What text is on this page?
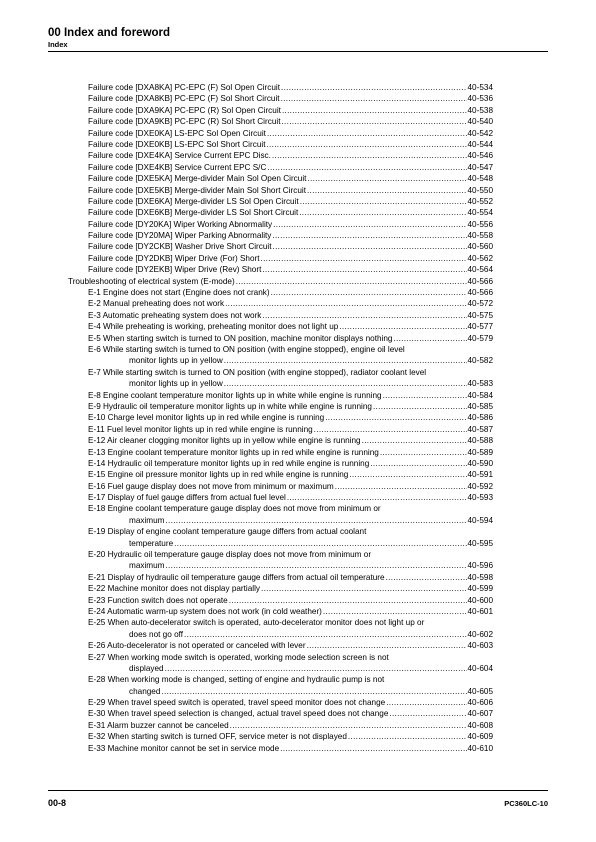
00 Index and foreword
Index
Failure code [DXA8KA] PC-EPC (F) Sol Open Circuit .....	40-534
Failure code [DXA8KB] PC-EPC (F) Sol Short Circuit .....	40-536
Failure code [DXA9KA] PC-EPC (R) Sol Open Circuit .....	40-538
Failure code [DXA9KB] PC-EPC (R) Sol Short Circuit .....	40-540
Failure code [DXE0KA] LS-EPC Sol Open Circuit .....	40-542
Failure code [DXE0KB] LS-EPC Sol Short Circuit .....	40-544
Failure code [DXE4KA] Service Current EPC Disc. .....	40-546
Failure code [DXE4KB] Service Current EPC S/C .....	40-547
Failure code [DXE5KA] Merge-divider Main Sol Open Circuit .....	40-548
Failure code [DXE5KB] Merge-divider Main Sol Short Circuit .....	40-550
Failure code [DXE6KA] Merge-divider LS Sol Open Circuit .....	40-552
Failure code [DXE6KB] Merge-divider LS Sol Short Circuit .....	40-554
Failure code [DY20KA] Wiper Working Abnormality .....	40-556
Failure code [DY20MA] Wiper Parking Abnormality .....	40-558
Failure code [DY2CKB] Washer Drive Short Circuit .....	40-560
Failure code [DY2DKB] Wiper Drive (For) Short .....	40-562
Failure code [DY2EKB] Wiper Drive (Rev) Short .....	40-564
Troubleshooting of electrical system (E-mode) .....	40-566
E-1 Engine does not start (Engine does not crank) .....	40-566
E-2 Manual preheating does not work .....	40-572
E-3 Automatic preheating system does not work .....	40-575
E-4 While preheating is working, preheating monitor does not light up .....	40-577
E-5 When starting switch is turned to ON position, machine monitor displays nothing .....	40-579
E-6 While starting switch is turned to ON position (with engine stopped), engine oil level
monitor lights up in yellow .....	40-582
E-7 While starting switch is turned to ON position (with engine stopped), radiator coolant level
monitor lights up in yellow .....	40-583
E-8 Engine coolant temperature monitor lights up in white while engine is running .....	40-584
E-9 Hydraulic oil temperature monitor lights up in white while engine is running .....	40-585
E-10 Charge level monitor lights up in red while engine is running .....	40-586
E-11 Fuel level monitor lights up in red while engine is running .....	40-587
E-12 Air cleaner clogging monitor lights up in yellow while engine is running .....	40-588
E-13 Engine coolant temperature monitor lights up in red while engine is running .....	40-589
E-14 Hydraulic oil temperature monitor lights up in red while engine is running .....	40-590
E-15 Engine oil pressure monitor lights up in red while engine is running .....	40-591
E-16 Fuel gauge display does not move from minimum or maximum .....	40-592
E-17 Display of fuel gauge differs from actual fuel level .....	40-593
E-18 Engine coolant temperature gauge display does not move from minimum or
maximum .....	40-594
E-19 Display of engine coolant temperature gauge differs from actual coolant
temperature .....	40-595
E-20 Hydraulic oil temperature gauge display does not move from minimum or
maximum .....	40-596
E-21 Display of hydraulic oil temperature gauge differs from actual oil temperature .....	40-598
E-22 Machine monitor does not display partially .....	40-599
E-23 Function switch does not operate .....	40-600
E-24 Automatic warm-up system does not work (in cold weather) .....	40-601
E-25 When auto-decelerator switch is operated, auto-decelerator monitor does not light up or
does not go off .....	40-602
E-26 Auto-decelerator is not operated or canceled with lever .....	40-603
E-27 When working mode switch is operated, working mode selection screen is not
displayed .....	40-604
E-28 When working mode is changed, setting of engine and hydraulic pump is not
changed .....	40-605
E-29 When travel speed switch is operated, travel speed monitor does not change .....	40-606
E-30 When travel speed selection is changed, actual travel speed does not change .....	40-607
E-31 Alarm buzzer cannot be canceled .....	40-608
E-32 When starting switch is turned OFF, service meter is not displayed .....	40-609
E-33 Machine monitor cannot be set in service mode .....	40-610
00-8	PC360LC-10
